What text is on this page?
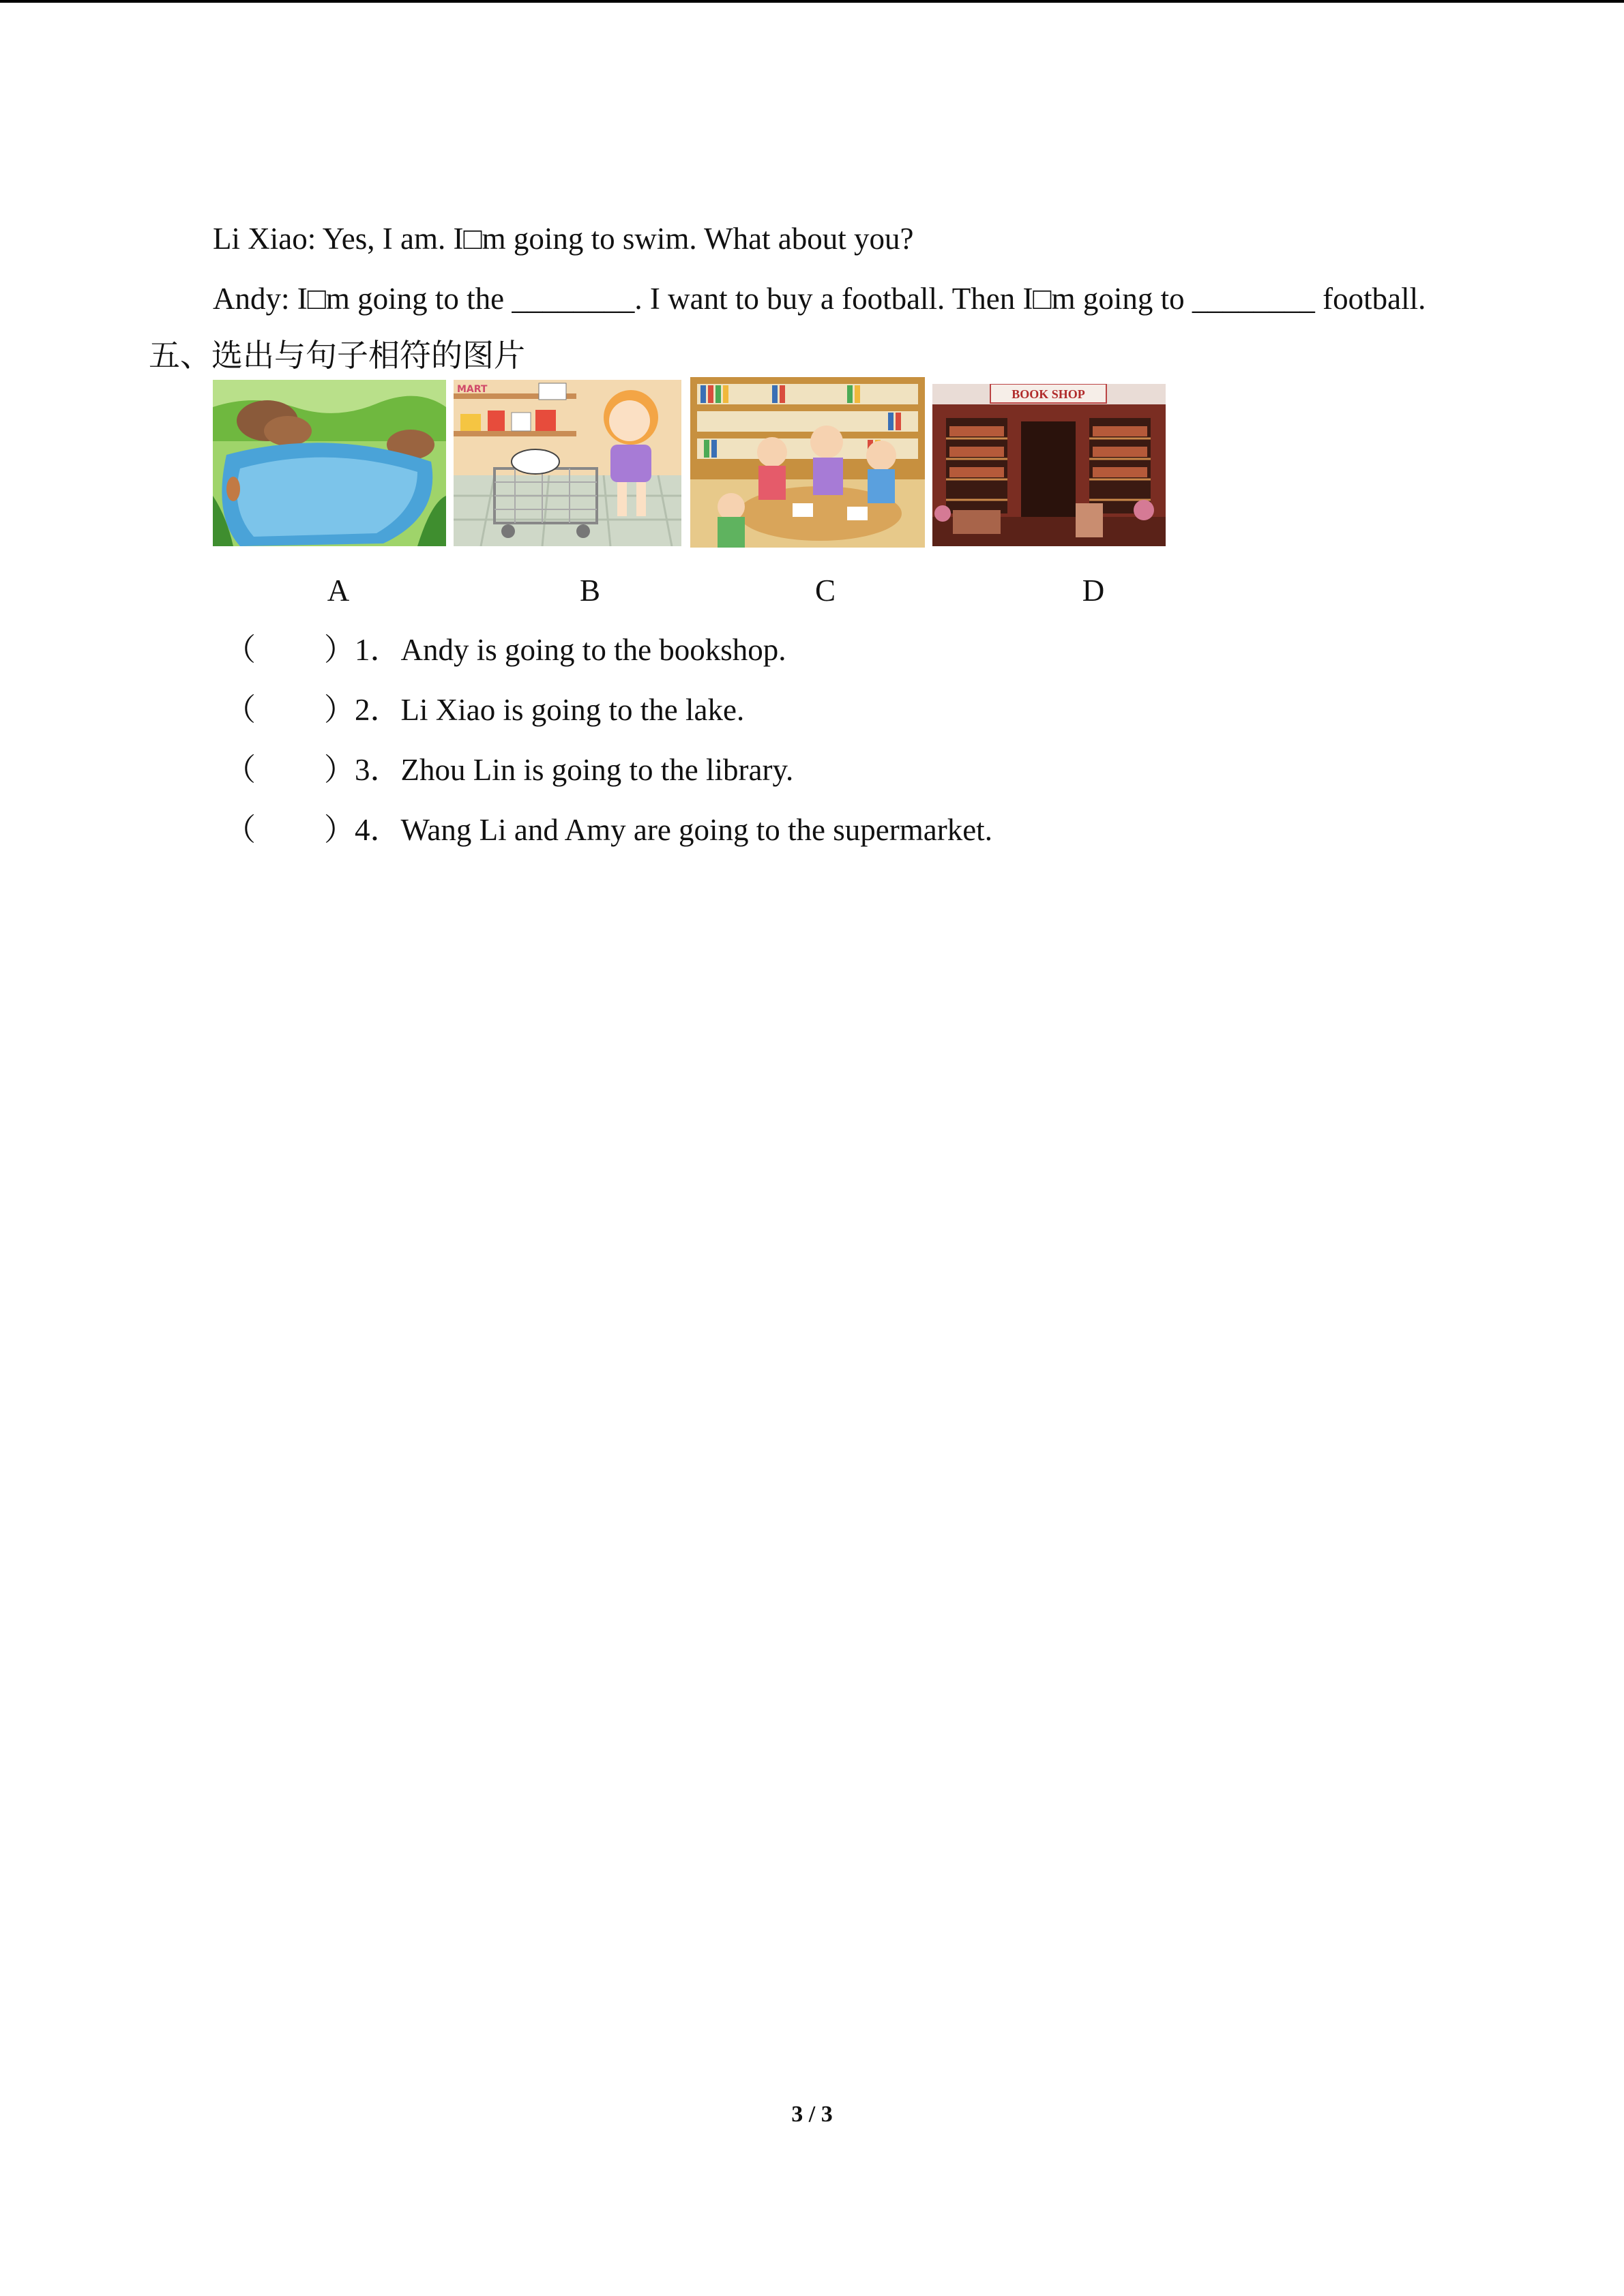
Li Xiao: Yes, I am. I□m going to swim. What about you?
Andy: I□m going to the ________. I want to buy a football. Then I□m going to ________ football.
五、选出与句子相符的图片
A
MART
B	C
BOOK SHOP
D
（ ）1．Andy is going to the bookshop.
（ ）2．Li Xiao is going to the lake.
（ ）3．Zhou Lin is going to the library.
（ ）4．Wang Li and Amy are going to the supermarket.
3 / 3
